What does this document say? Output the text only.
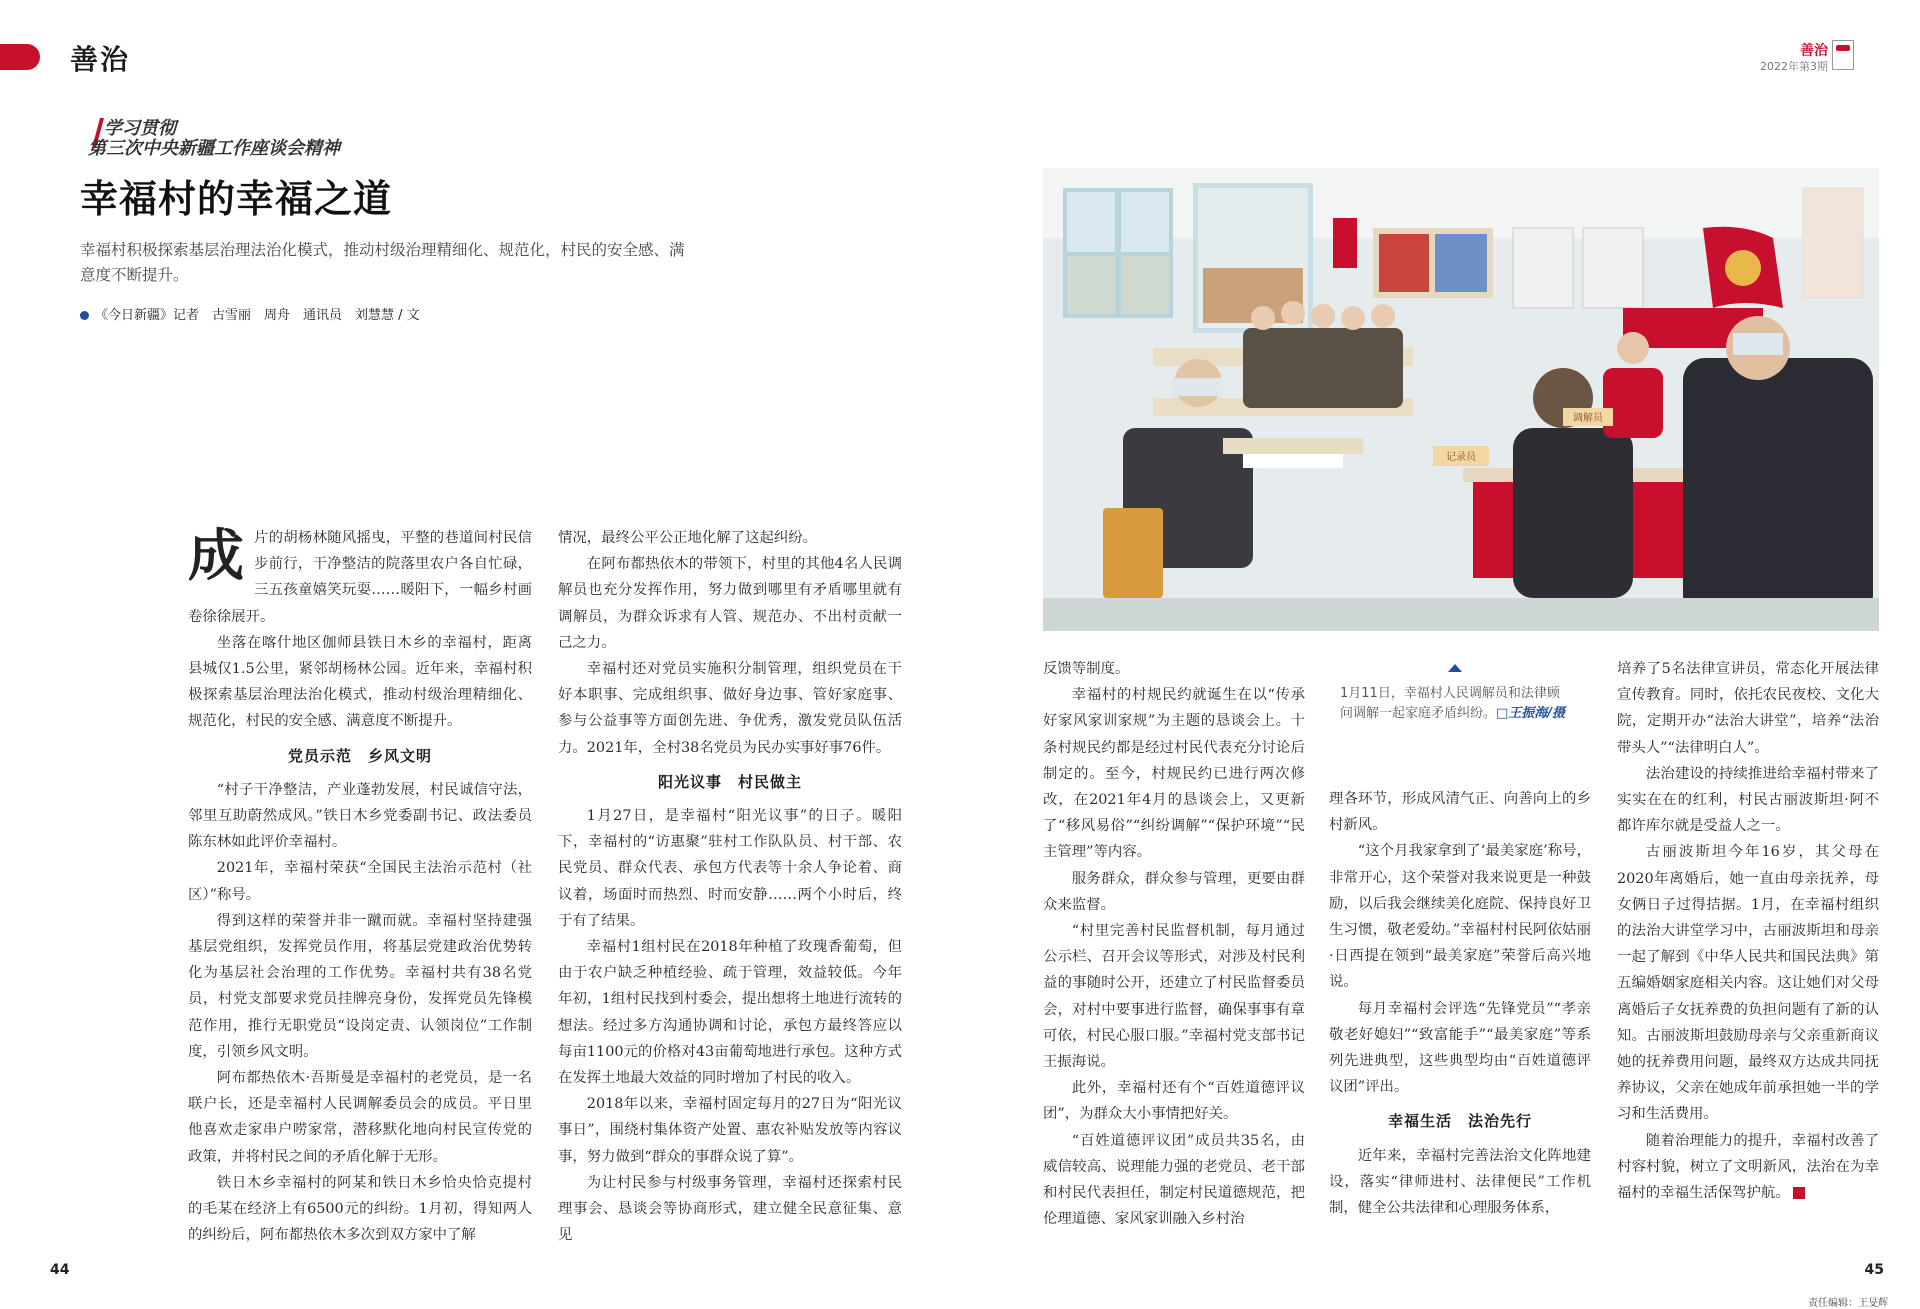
善治	善治
2022年第3期
学习贯彻
第三次中央新疆工作座谈会精神
幸福村的幸福之道
幸福村积极探索基层治理法治化模式，推动村级治理精细化、规范化，村民的安全感、满意度不断提升。
《今日新疆》记者　古雪丽　周舟　通讯员　刘慧慧 / 文
成 片的胡杨林随风摇曳，平整的巷道间村民信步前行，干净整洁的院落里农户各自忙碌，三五孩童嬉笑玩耍……暖阳下，一幅乡村画卷徐徐展开。

坐落在喀什地区伽师县铁日木乡的幸福村，距离县城仅1.5公里，紧邻胡杨林公园。近年来，幸福村积极探索基层治理法治化模式，推动村级治理精细化、规范化，村民的安全感、满意度不断提升。

党员示范　乡风文明

“村子干净整洁，产业蓬勃发展，村民诚信守法，邻里互助蔚然成风。”铁日木乡党委副书记、政法委员陈东林如此评价幸福村。

2021年，幸福村荣获“全国民主法治示范村（社区）”称号。

得到这样的荣誉并非一蹴而就。幸福村坚持建强基层党组织，发挥党员作用，将基层党建政治优势转化为基层社会治理的工作优势。幸福村共有38名党员，村党支部要求党员挂牌亮身份，发挥党员先锋模范作用，推行无职党员“设岗定责、认领岗位”工作制度，引领乡风文明。

阿布都热依木·吾斯曼是幸福村的老党员，是一名联户长，还是幸福村人民调解委员会的成员。平日里他喜欢走家串户唠家常，潜移默化地向村民宣传党的政策，并将村民之间的矛盾化解于无形。

铁日木乡幸福村的阿某和铁日木乡恰央恰克提村的毛某在经济上有6500元的纠纷。1月初，得知两人的纠纷后，阿布都热依木多次到双方家中了解

情况，最终公平公正地化解了这起纠纷。

在阿布都热依木的带领下，村里的其他4名人民调解员也充分发挥作用，努力做到哪里有矛盾哪里就有调解员，为群众诉求有人管、规范办、不出村贡献一己之力。

幸福村还对党员实施积分制管理，组织党员在干好本职事、完成组织事、做好身边事、管好家庭事、参与公益事等方面创先进、争优秀，激发党员队伍活力。2021年，全村38名党员为民办实事好事76件。

阳光议事　村民做主

1月27日，是幸福村“阳光议事”的日子。暖阳下，幸福村的“访惠聚”驻村工作队队员、村干部、农民党员、群众代表、承包方代表等十余人争论着、商议着，场面时而热烈、时而安静……两个小时后，终于有了结果。

幸福村1组村民在2018年种植了玫瑰香葡萄，但由于农户缺乏种植经验、疏于管理，效益较低。今年年初，1组村民找到村委会，提出想将土地进行流转的想法。经过多方沟通协调和讨论，承包方最终答应以每亩1100元的价格对43亩葡萄地进行承包。这种方式在发挥土地最大效益的同时增加了村民的收入。

2018年以来，幸福村固定每月的27日为“阳光议事日”，围绕村集体资产处置、惠农补贴发放等内容议事，努力做到“群众的事群众说了算”。

为让村民参与村级事务管理，幸福村还探索村民理事会、恳谈会等协商形式，建立健全民意征集、意见

调解员
记录员
1月11日，幸福村人民调解员和法律顾问调解一起家庭矛盾纠纷。□王振海/摄

反馈等制度。

幸福村的村规民约就诞生在以“传承好家风家训家规”为主题的恳谈会上。十条村规民约都是经过村民代表充分讨论后制定的。至今，村规民约已进行两次修改，在2021年4月的恳谈会上，又更新了“移风易俗”“纠纷调解”“保护环境”“民主管理”等内容。

服务群众，群众参与管理，更要由群众来监督。

“村里完善村民监督机制，每月通过公示栏、召开会议等形式，对涉及村民利益的事随时公开，还建立了村民监督委员会，对村中要事进行监督，确保事事有章可依，村民心服口服。”幸福村党支部书记王振海说。

此外，幸福村还有个“百姓道德评议团”，为群众大小事情把好关。

“百姓道德评议团”成员共35名，由威信较高、说理能力强的老党员、老干部和村民代表担任，制定村民道德规范，把伦理道德、家风家训融入乡村治

理各环节，形成风清气正、向善向上的乡村新风。

“这个月我家拿到了‘最美家庭’称号，非常开心，这个荣誉对我来说更是一种鼓励，以后我会继续美化庭院、保持良好卫生习惯，敬老爱幼。”幸福村村民阿依姑丽·日西提在领到“最美家庭”荣誉后高兴地说。

每月幸福村会评选“先锋党员”“孝亲敬老好媳妇”“致富能手”“最美家庭”等系列先进典型，这些典型均由“百姓道德评议团”评出。

幸福生活　法治先行

近年来，幸福村完善法治文化阵地建设，落实“律师进村、法律便民”工作机制，健全公共法律和心理服务体系，

培养了5名法律宣讲员，常态化开展法律宣传教育。同时，依托农民夜校、文化大院，定期开办“法治大讲堂”，培养“法治带头人”“法律明白人”。

法治建设的持续推进给幸福村带来了实实在在的红利，村民古丽波斯坦·阿不都许库尔就是受益人之一。

古丽波斯坦今年16岁，其父母在2020年离婚后，她一直由母亲抚养，母女俩日子过得拮据。1月，在幸福村组织的法治大讲堂学习中，古丽波斯坦和母亲一起了解到《中华人民共和国民法典》第五编婚姻家庭相关内容。这让她们对父母离婚后子女抚养费的负担问题有了新的认知。古丽波斯坦鼓励母亲与父亲重新商议她的抚养费用问题，最终双方达成共同抚养协议，父亲在她成年前承担她一半的学习和生活费用。

随着治理能力的提升，幸福村改善了村容村貌，树立了文明新风，法治在为幸福村的幸福生活保驾护航。

44	45
责任编辑：王旻辉
